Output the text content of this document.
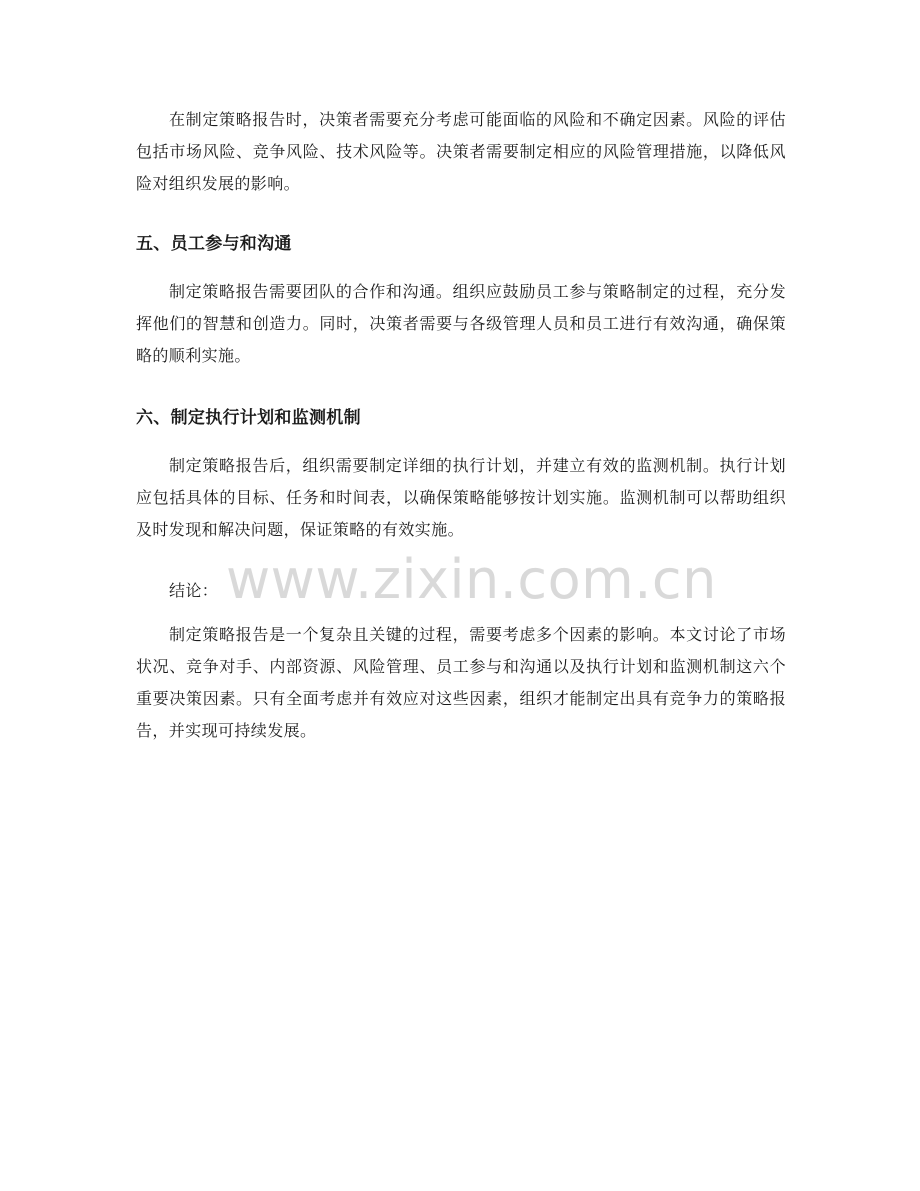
在制定策略报告时，决策者需要充分考虑可能面临的风险和不确定因素。风险的评估包括市场风险、竞争风险、技术风险等。决策者需要制定相应的风险管理措施，以降低风险对组织发展的影响。

五、员工参与和沟通

制定策略报告需要团队的合作和沟通。组织应鼓励员工参与策略制定的过程，充分发挥他们的智慧和创造力。同时，决策者需要与各级管理人员和员工进行有效沟通，确保策略的顺利实施。

六、制定执行计划和监测机制

制定策略报告后，组织需要制定详细的执行计划，并建立有效的监测机制。执行计划应包括具体的目标、任务和时间表，以确保策略能够按计划实施。监测机制可以帮助组织及时发现和解决问题，保证策略的有效实施。

结论：

制定策略报告是一个复杂且关键的过程，需要考虑多个因素的影响。本文讨论了市场状况、竞争对手、内部资源、风险管理、员工参与和沟通以及执行计划和监测机制这六个重要决策因素。只有全面考虑并有效应对这些因素，组织才能制定出具有竞争力的策略报告，并实现可持续发展。

www.zixin.com.cn
